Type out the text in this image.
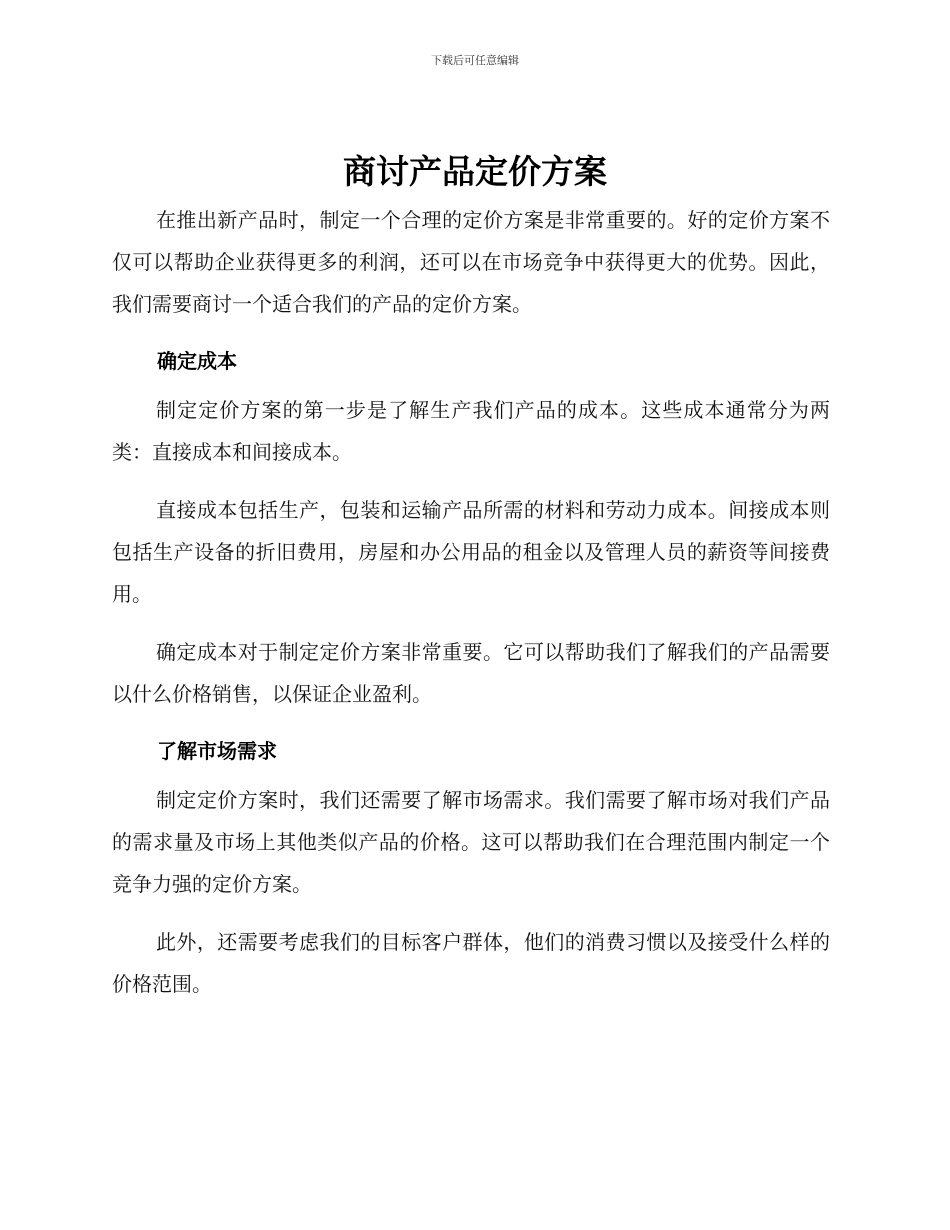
下载后可任意编辑
商讨产品定价方案

在推出新产品时，制定一个合理的定价方案是非常重要的。好的定价方案不仅可以帮助企业获得更多的利润，还可以在市场竞争中获得更大的优势。因此，我们需要商讨一个适合我们的产品的定价方案。

确定成本

制定定价方案的第一步是了解生产我们产品的成本。这些成本通常分为两类：直接成本和间接成本。

直接成本包括生产，包装和运输产品所需的材料和劳动力成本。间接成本则包括生产设备的折旧费用，房屋和办公用品的租金以及管理人员的薪资等间接费用。

确定成本对于制定定价方案非常重要。它可以帮助我们了解我们的产品需要以什么价格销售，以保证企业盈利。

了解市场需求

制定定价方案时，我们还需要了解市场需求。我们需要了解市场对我们产品的需求量及市场上其他类似产品的价格。这可以帮助我们在合理范围内制定一个竞争力强的定价方案。

此外，还需要考虑我们的目标客户群体，他们的消费习惯以及接受什么样的价格范围。
